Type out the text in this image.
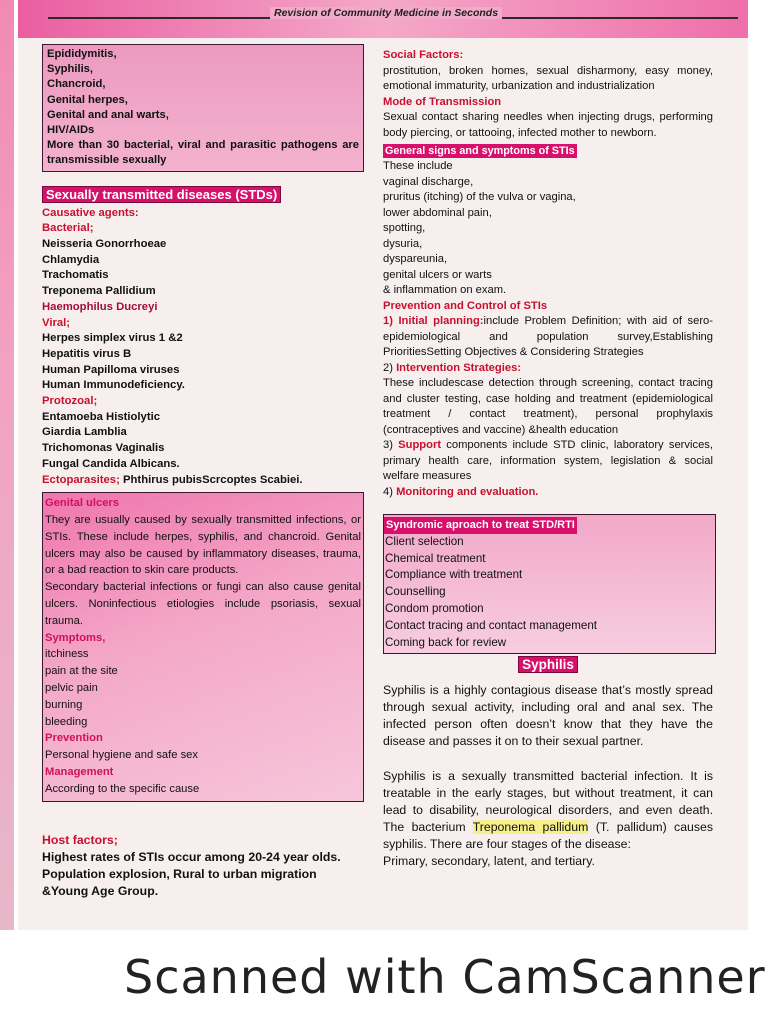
Revision of Community Medicine in Seconds
Epididymitis,
Syphilis,
Chancroid,
Genital herpes,
Genital and anal warts,
HIV/AIDs
More than 30 bacterial, viral and parasitic pathogens are transmissible sexually
Sexually transmitted diseases (STDs)
Causative agents:
Bacterial;
Neisseria Gonorrhoeae
Chlamydia
Trachomatis
Treponema Pallidium
Haemophilus Ducreyi
Viral;
Herpes simplex virus 1 &2
Hepatitis virus B
Human Papilloma viruses
Human Immunodeficiency.
Protozoal;
Entamoeba Histiolytic
Giardia Lamblia
Trichomonas Vaginalis
Fungal Candida Albicans.
Ectoparasites; Phthirus pubisScrcoptes Scabiei.
Genital ulcers
They are usually caused by sexually transmitted infections, or STIs. These include herpes, syphilis, and chancroid. Genital ulcers may also be caused by inflammatory diseases, trauma, or a bad reaction to skin care products.
Secondary bacterial infections or fungi can also cause genital ulcers. Noninfectious etiologies include psoriasis, sexual trauma.
Symptoms,
itchiness
pain at the site
pelvic pain
burning
bleeding
Prevention
Personal hygiene and safe sex
Management
According to the specific cause
Host factors;
Highest rates of STIs occur among 20-24 year olds. Population explosion, Rural to urban migration &Young Age Group.
Social Factors:
prostitution, broken homes, sexual disharmony, easy money, emotional immaturity, urbanization and industrialization
Mode of Transmission
Sexual contact sharing needles when injecting drugs, performing body piercing, or tattooing, infected mother to newborn.
General signs and symptoms of STIs
These include
vaginal discharge,
pruritus (itching) of the vulva or vagina,
lower abdominal pain,
spotting,
dysuria,
dyspareunia,
genital ulcers or warts
& inflammation on exam.
Prevention and Control of STIs
1) Initial planning:include Problem Definition; with aid of sero-epidemiological and population survey,Establishing PrioritiesSetting Objectives & Considering Strategies
2) Intervention Strategies:
These includescase detection through screening, contact tracing and cluster testing, case holding and treatment (epidemiological treatment / contact treatment), personal prophylaxis (contraceptives and vaccine) &health education
3) Support components include STD clinic, laboratory services, primary health care, information system, legislation & social welfare measures
4) Monitoring and evaluation.
Syndromic aproach to treat STD/RTI
Client selection
Chemical treatment
Compliance with treatment
Counselling
Condom promotion
Contact tracing and contact management
Coming back for review
Syphilis
Syphilis is a highly contagious disease that’s mostly spread through sexual activity, including oral and anal sex. The infected person often doesn’t know that they have the disease and passes it on to their sexual partner.
Syphilis is a sexually transmitted bacterial infection. It is treatable in the early stages, but without treatment, it can lead to disability, neurological disorders, and even death. The bacterium Treponema pallidum (T. pallidum) causes syphilis. There are four stages of the disease:
Primary, secondary, latent, and tertiary.
Scanned with CamScanner
